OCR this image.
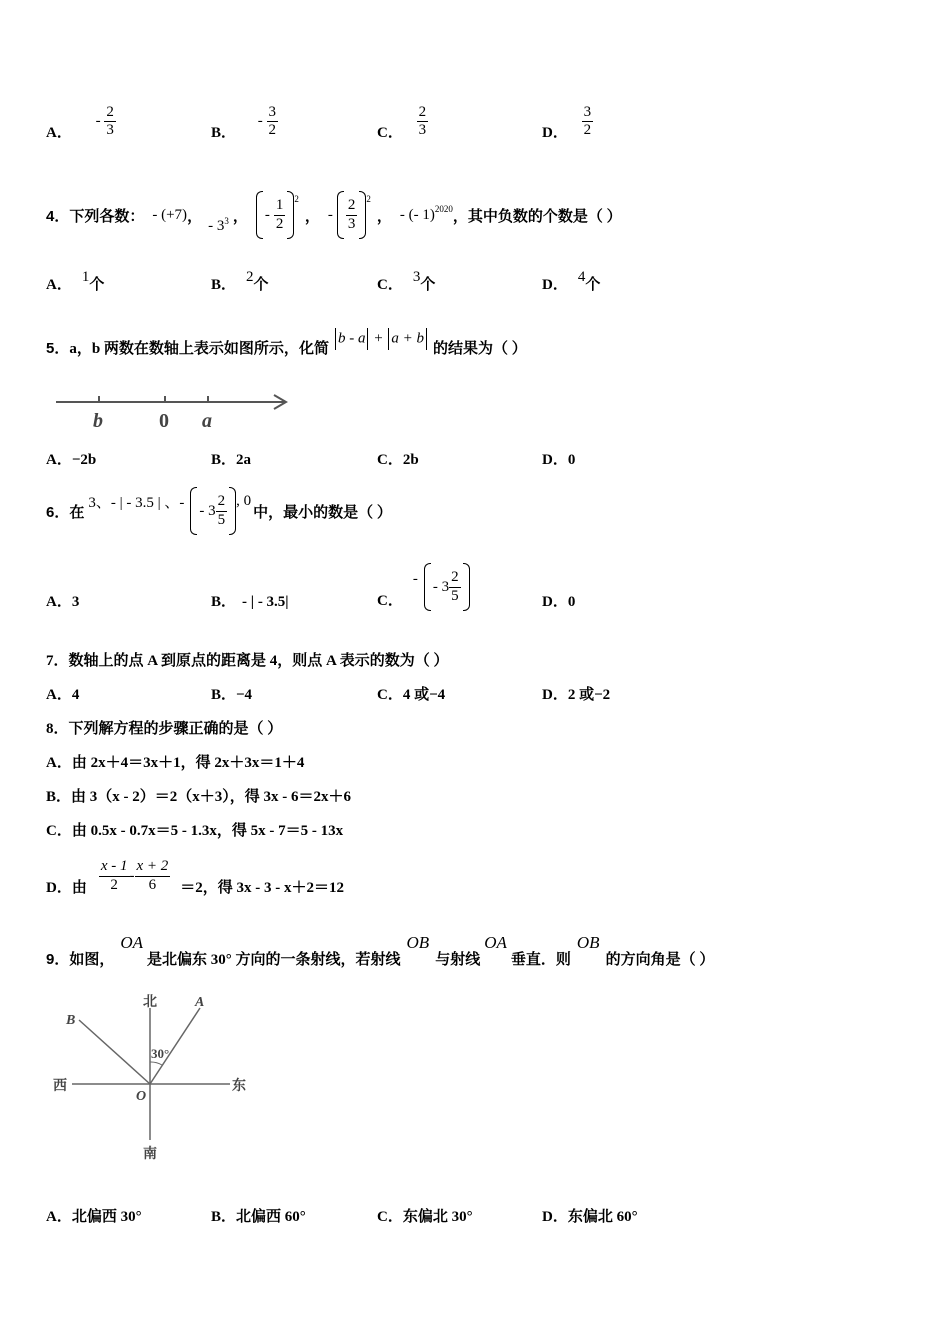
A． - $\frac{2}{3}$	B． - $\frac{3}{2}$	C． $\frac{2}{3}$	D． $\frac{3}{2}$
4． 下列各数： - (+7) ，
- $3^3$ ， - $\frac{1}{2} 2$
， - $\frac{2}{3} 2$
， - (- 1) 2020 ，其中负数的个数是（ ）
A． 1个	B． 2个	C． 3个	D． 4个
5． a，b 两数在数轴上表示如图所示，化简
b - a + a + b
的结果为（ ）
b	0 a
A．−2b	B．2a	C．2b	D．0
6． 在
3、- | - 3.5 | 、- - $3 \frac{2}{5}$ , 0
中，最小的数是（ ）
A．3	B． - | - 3.5|	C．
- - $3 \frac{2}{5}$	D．0
7．数轴上的点 A 到原点的距离是 4，则点 A 表示的数为（ ）
A．4	B．−4	C．4 或−4	D．2 或−2
8．下列解方程的步骤正确的是（ ）
A．由 2x＋4＝3x＋1，得 2x＋3x＝1＋4
B．由 3（x - 2）＝2（x＋3），得 3x - 6＝2x＋6
C．由 0.5x - 0.7x＝5 - 1.3x，得 5x - 7＝5 - 13x
D．由 $\frac{x - 1}{2} - \frac{x + 2}{6} =2$，得 3x - 3 - x＋2＝12
9．如图，
OA
是北偏东 30° 方向的一条射线，若射线
OB
与射线
OA
垂直．则
OB
的方向角是（ ）
30°
北
南
东
西
A
B
O
A．北偏西 30°	B．北偏西 60°	C．东偏北 30°	D．东偏北 60°
